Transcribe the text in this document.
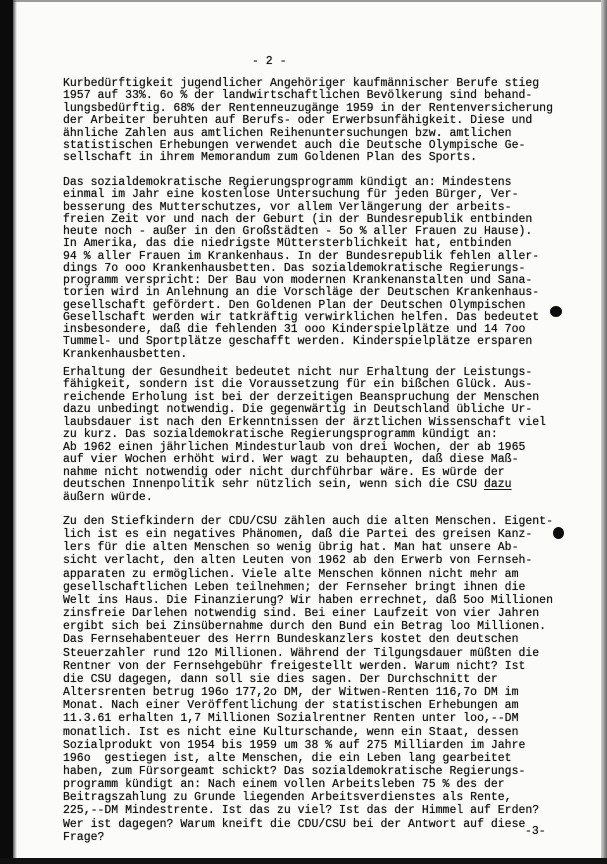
- 2 -
Kurbedürftigkeit jugendlicher Angehöriger kaufmännischer Berufe stieg
1957 auf 33%. 6o % der landwirtschaftlichen Bevölkerung sind behand-
lungsbedürftig. 68% der Rentenneuzugänge 1959 in der Rentenversicherung
der Arbeiter beruhten auf Berufs- oder Erwerbsunfähigkeit. Diese und
ähnliche Zahlen aus amtlichen Reihenuntersuchungen bzw. amtlichen
statistischen Erhebungen verwendet auch die Deutsche Olympische Ge-
sellschaft in ihrem Memorandum zum Goldenen Plan des Sports.
Das sozialdemokratische Regierungsprogramm kündigt an: Mindestens
einmal im Jahr eine kostenlose Untersuchung für jeden Bürger, Ver-
besserung des Mutterschutzes, vor allem Verlängerung der arbeits-
freien Zeit vor und nach der Geburt (in der Bundesrepublik entbinden
heute noch - außer in den Großstädten - 5o % aller Frauen zu Hause).
In Amerika, das die niedrigste Müttersterblichkeit hat, entbinden
94 % aller Frauen im Krankenhaus. In der Bundesrepublik fehlen aller-
dings 7o ooo Krankenhausbetten. Das sozialdemokratische Regierungs-
programm verspricht: Der Bau von modernen Krankenanstalten und Sana-
torien wird in Anlehnung an die Vorschläge der Deutschen Krankenhaus-
gesellschaft gefördert. Den Goldenen Plan der Deutschen Olympischen
Gesellschaft werden wir tatkräftig verwirklichen helfen. Das bedeutet
insbesondere, daß die fehlenden 31 ooo Kinderspielplätze und 14 7oo
Tummel- und Sportplätze geschafft werden. Kinderspielplätze ersparen
Krankenhausbetten.
Erhaltung der Gesundheit bedeutet nicht nur Erhaltung der Leistungs-
fähigkeit, sondern ist die Voraussetzung für ein bißchen Glück. Aus-
reichende Erholung ist bei der derzeitigen Beanspruchung der Menschen
dazu unbedingt notwendig. Die gegenwärtig in Deutschland übliche Ur-
laubsdauer ist nach den Erkenntnissen der ärztlichen Wissenschaft viel
zu kurz. Das sozialdemokratische Regierungsprogramm kündigt an:
Ab 1962 einen jährlichen Mindesturlaub von drei Wochen, der ab 1965
auf vier Wochen erhöht wird. Wer wagt zu behaupten, daß diese Maß-
nahme nicht notwendig oder nicht durchführbar wäre. Es würde der
deutschen Innenpolitik sehr nützlich sein, wenn sich die CSU dazu
äußern würde.
Zu den Stiefkindern der CDU/CSU zählen auch die alten Menschen. Eigent-
lich ist es ein negatives Phänomen, daß die Partei des greisen Kanz-
lers für die alten Menschen so wenig übrig hat. Man hat unsere Ab-
sicht verlacht, den alten Leuten von 1962 ab den Erwerb von Fernseh-
apparaten zu ermöglichen. Viele alte Menschen können nicht mehr am
gesellschaftlichen Leben teilnehmen; der Fernseher bringt ihnen die
Welt ins Haus. Die Finanzierung? Wir haben errechnet, daß 5oo Millionen
zinsfreie Darlehen notwendig sind. Bei einer Laufzeit von vier Jahren
ergibt sich bei Zinsübernahme durch den Bund ein Betrag loo Millionen.
Das Fernsehabenteuer des Herrn Bundeskanzlers kostet den deutschen
Steuerzahler rund 12o Millionen. Während der Tilgungsdauer müßten die
Rentner von der Fernsehgebühr freigestellt werden. Warum nicht? Ist
die CSU dagegen, dann soll sie dies sagen. Der Durchschnitt der
Altersrenten betrug 196o 177,2o DM, der Witwen-Renten 116,7o DM im
Monat. Nach einer Veröffentlichung der statistischen Erhebungen am
11.3.61 erhalten 1,7 Millionen Sozialrentner Renten unter loo,--DM
monatlich. Ist es nicht eine Kulturschande, wenn ein Staat, dessen
Sozialprodukt von 1954 bis 1959 um 38 % auf 275 Milliarden im Jahre
196o  gestiegen ist, alte Menschen, die ein Leben lang gearbeitet
haben, zum Fürsorgeamt schickt? Das sozialdemokratische Regierungs-
programm kündigt an: Nach einem vollen Arbeitsleben 75 % des der
Beitragszahlung zu Grunde liegenden Arbeitsverdienstes als Rente,
225,--DM Mindestrente. Ist das zu viel? Ist das der Himmel auf Erden?
Wer ist dagegen? Warum kneift die CDU/CSU bei der Antwort auf diese
Frage?	-3-
